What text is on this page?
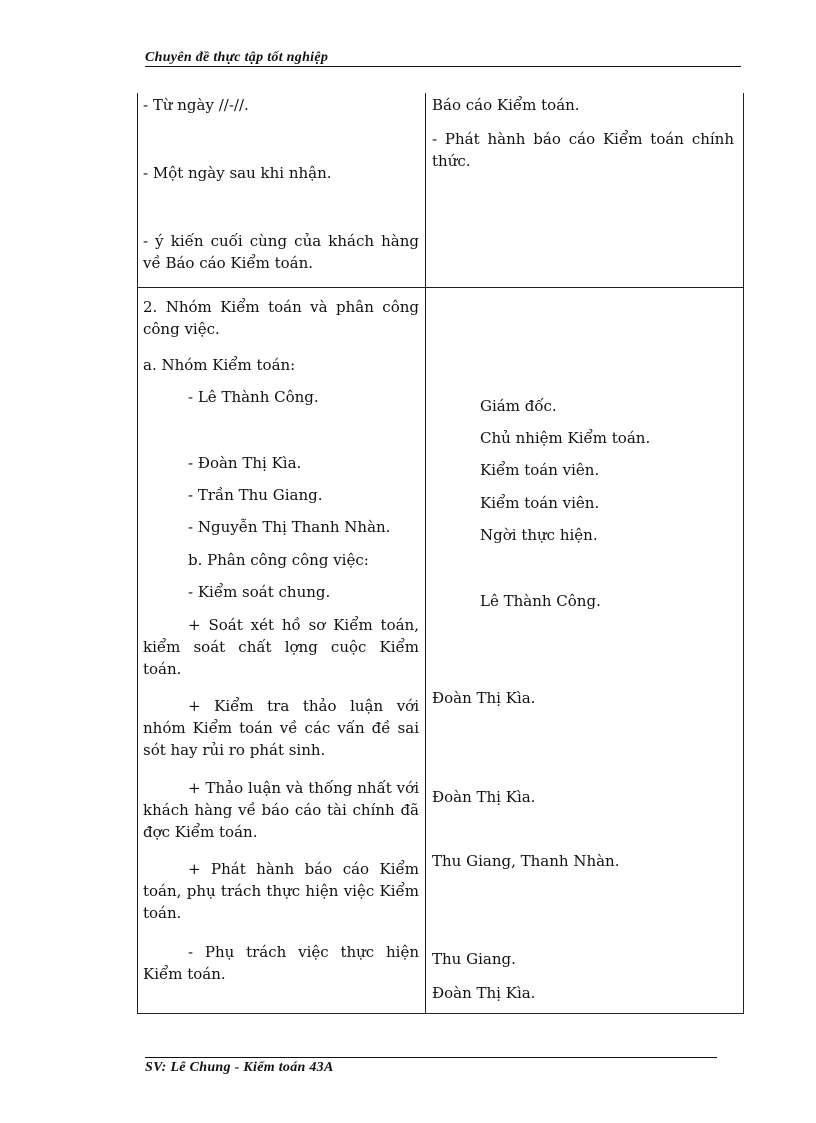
Chuyên đề thực tập tốt nghiệp
- Từ ngày //-//.
- Một ngày sau khi nhận.
- ý kiến cuối cùng của khách hàng về Báo cáo Kiểm toán.
Báo cáo Kiểm toán.
- Phát hành báo cáo Kiểm toán chính thức.
2. Nhóm Kiểm toán và phân công công việc.
a. Nhóm Kiểm toán:
- Lê Thành Công.
- Đoàn Thị Kìa.
- Trần Thu Giang.
- Nguyễn Thị Thanh Nhàn.
b. Phân công công việc:
- Kiểm soát chung.
+ Soát xét hồ sơ Kiểm toán, kiểm soát chất lợng cuộc Kiểm toán.
+ Kiểm tra thảo luận với nhóm Kiểm toán về các vấn đề sai sót hay rủi ro phát sinh.
+ Thảo luận và thống nhất với khách hàng về báo cáo tài chính đã đợc Kiểm toán.
+ Phát hành báo cáo Kiểm toán, phụ trách thực hiện việc Kiểm toán.
- Phụ trách việc thực hiện Kiểm toán.
Giám đốc.
Chủ nhiệm Kiểm toán.
Kiểm toán viên.
Kiểm toán viên.
Ngời thực hiện.
Lê Thành Công.
Đoàn Thị Kìa.
Đoàn Thị Kìa.
Thu Giang, Thanh Nhàn.
Thu Giang.
Đoàn Thị Kìa.
SV: Lê Chung - Kiểm toán 43A
